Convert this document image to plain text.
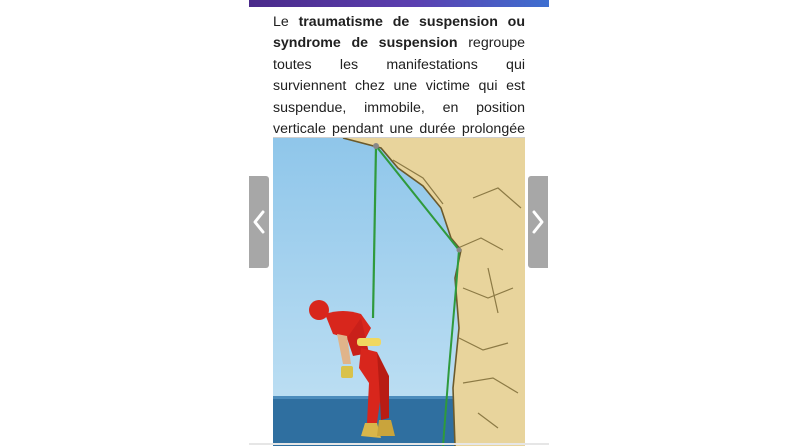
Le traumatisme de suspension ou syndrome de suspension regroupe toutes les manifestations qui surviennent chez une victime qui est suspendue, immobile, en position verticale pendant une durée prolongée
